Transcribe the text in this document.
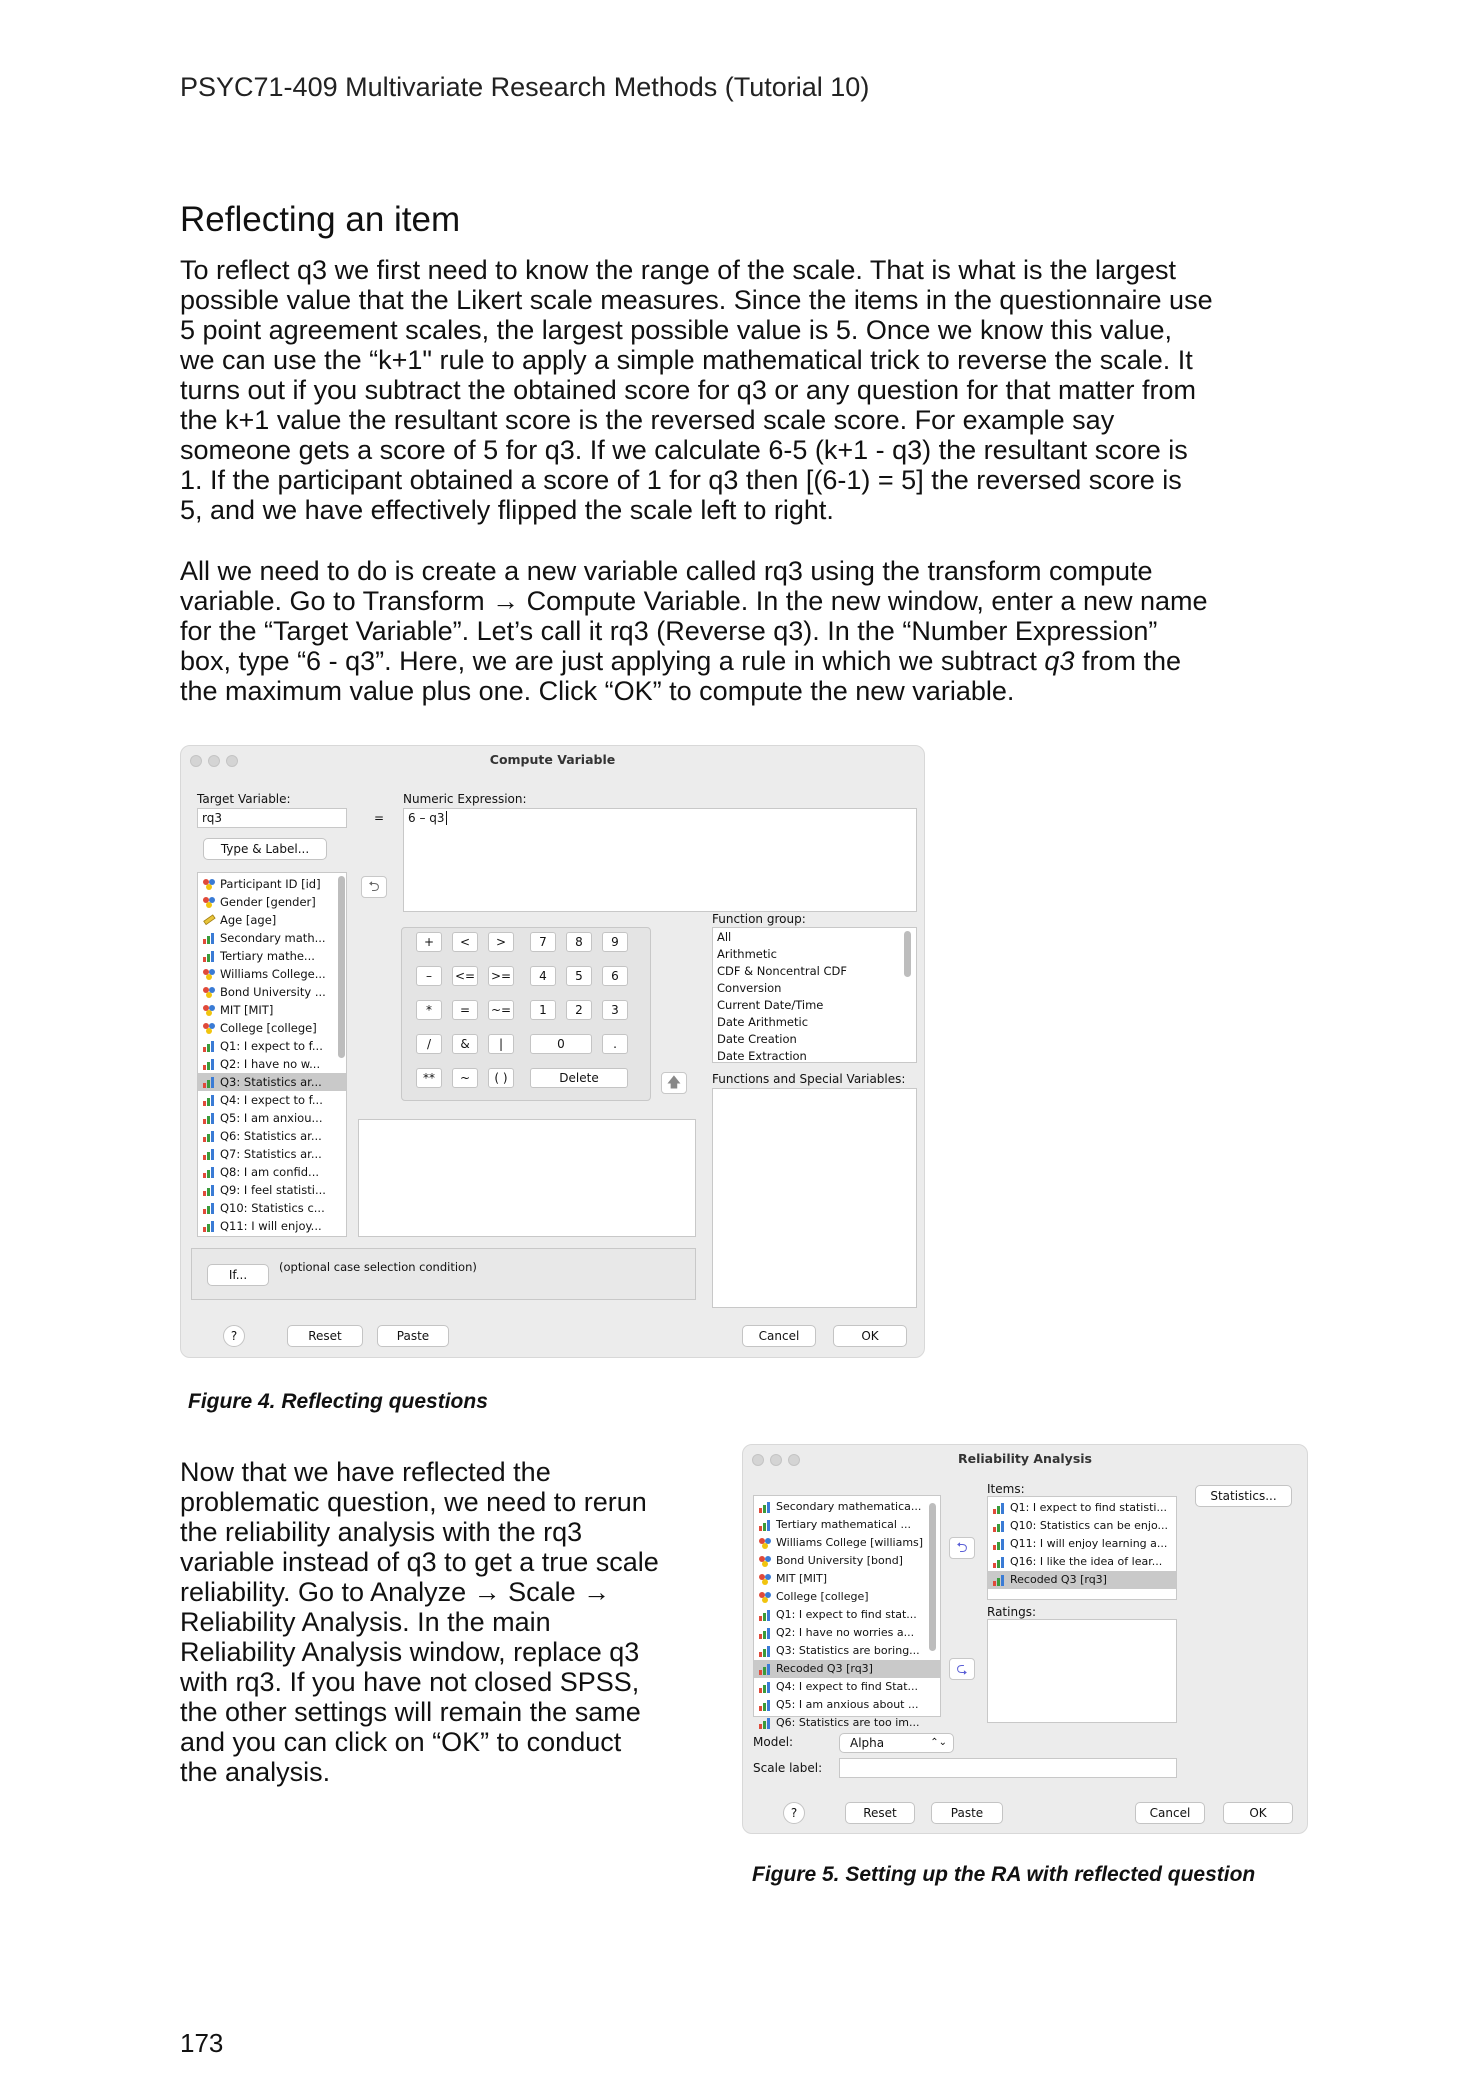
PSYC71-409 Multivariate Research Methods (Tutorial 10)
Reflecting an item

To reflect q3 we first need to know the range of the scale. That is what is the largest

possible value that the Likert scale measures. Since the items in the questionnaire use

5 point agreement scales, the largest possible value is 5. Once we know this value,

we can use the “k+1" rule to apply a simple mathematical trick to reverse the scale. It

turns out if you subtract the obtained score for q3 or any question for that matter from

the k+1 value the resultant score is the reversed scale score. For example say

someone gets a score of 5 for q3. If we calculate 6-5 (k+1 - q3) the resultant score is

1. If the participant obtained a score of 1 for q3 then [(6-1) = 5] the reversed score is

5, and we have effectively flipped the scale left to right.

All we need to do is create a new variable called rq3 using the transform compute

variable. Go to Transform → Compute Variable. In the new window, enter a new name

for the “Target Variable”. Let’s call it rq3 (Reverse q3). In the “Number Expression”

box, type “6 - q3”. Here, we are just applying a rule in which we subtract q3 from the

the maximum value plus one. Click “OK” to compute the new variable.

Compute Variable
Target Variable:
rq3	=
Numeric Expression:
6 – q3
Type & Label...
Participant ID [id]
Gender [gender]
Age [age]
Secondary math...
Tertiary mathe...
Williams College...
Bond University ...
MIT [MIT]
College [college]
Q1: I expect to f...
Q2: I have no w...
Q3: Statistics ar...
Q4: I expect to f...
Q5: I am anxiou...
Q6: Statistics ar...
Q7: Statistics ar...
Q8: I am confid...
Q9: I feel statisti...
Q10: Statistics c...
Q11: I will enjoy...
⮌
+	<	>	7	8	9
–	<= >=	4	5	6
*	=	~=	1	2	3
/	&	|	0	.
**	~	( )	Delete	🡅
Function group:
All
Arithmetic
CDF & Noncentral CDF
Conversion
Current Date/Time
Date Arithmetic
Date Creation
Date Extraction
Functions and Special Variables:
If...
(optional case selection condition)
?	Reset	Paste	Cancel	OK
Figure 4. Reflecting questions

Now that we have reflected the

problematic question, we need to rerun

the reliability analysis with the rq3

variable instead of q3 to get a true scale

reliability. Go to Analyze → Scale →

Reliability Analysis. In the main

Reliability Analysis window, replace q3

with rq3. If you have not closed SPSS,

the other settings will remain the same

and you can click on “OK” to conduct

the analysis.

Reliability Analysis
Secondary mathematica...
Tertiary mathematical ...
Williams College [williams]
Bond University [bond]
MIT [MIT]
College [college]
Q1: I expect to find stat...
Q2: I have no worries a...
Q3: Statistics are boring...
Recoded Q3 [rq3]
Q4: I expect to find Stat...
Q5: I am anxious about ...
Q6: Statistics are too im...
Items:
Q1: I expect to find statisti...
Q10: Statistics can be enjo...
Q11: I will enjoy learning a...
Q16: I like the idea of lear...
Recoded Q3 [rq3]
Statistics...
⮌
⮎
Ratings:
Model:	Alpha	⌃⌄
Scale label:
?	Reset	Paste	Cancel	OK
Figure 5. Setting up the RA with reflected question
173
